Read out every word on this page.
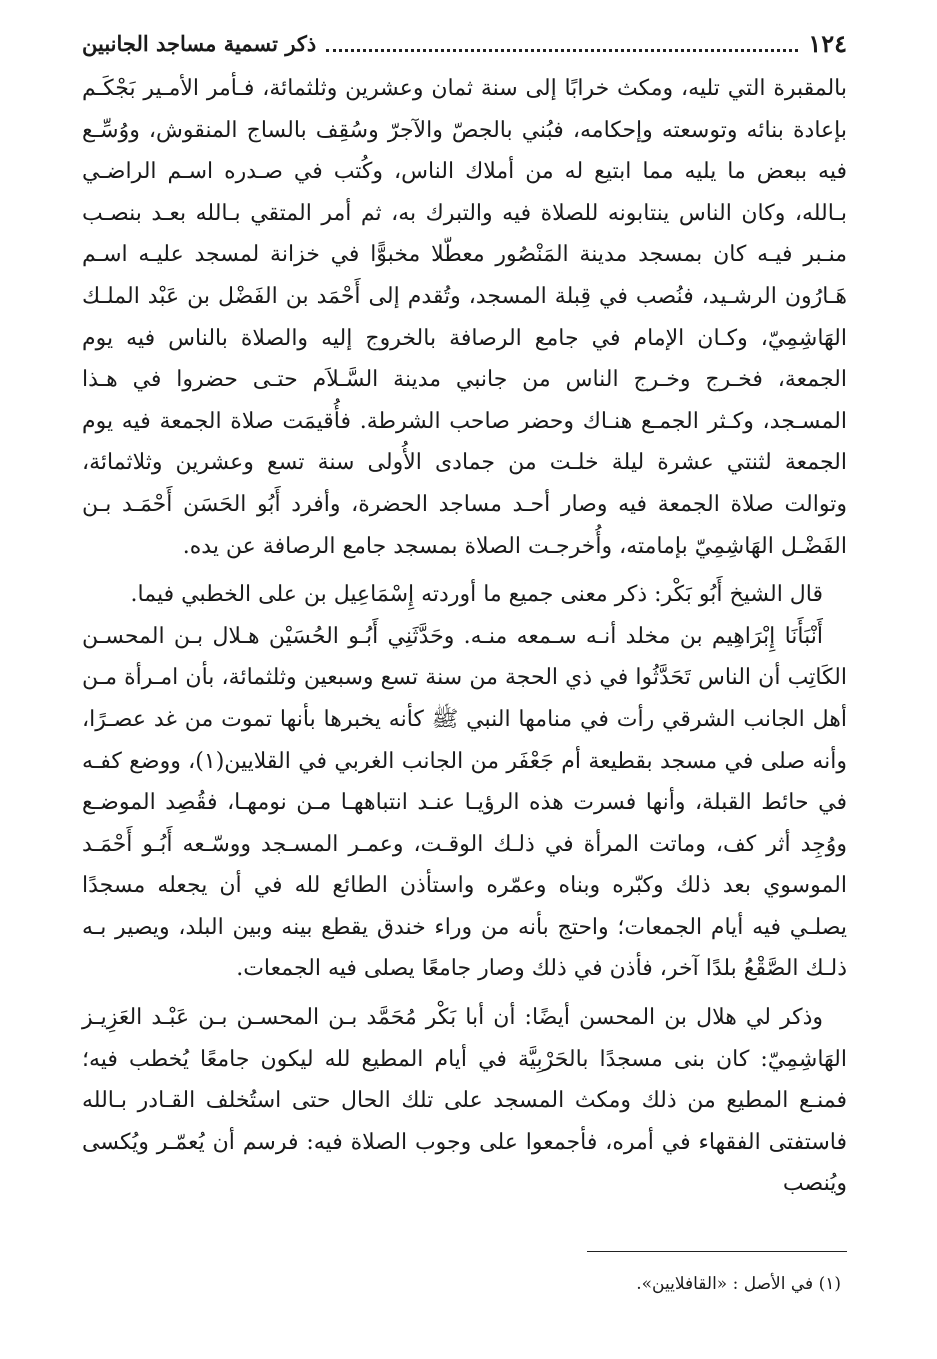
١٢٤
ذكر تسمية مساجد الجانبين

بالمقبرة التي تليه، ومكث خرابًا إلى سنة ثمان وعشرين وثلثمائة، فـأمر الأمـير بَجْكَـم بإعادة بنائه وتوسعته وإحكامه، فبُني بالجصّ والآجرّ وسُقِف بالساج المنقوش، ووُسِّـع فيه ببعض ما يليه مما ابتيع له من أملاك الناس، وكُتب في صـدره اسـم الراضـي بـالله، وكان الناس ينتابونه للصلاة فيه والتبرك به، ثم أمر المتقي بـالله بعـد بنصـب منـبر فيـه كان بمسجد مدينة المَنْصُور معطّلا مخبوًّا في خزانة لمسجد عليـه اسـم هَـارُون الرشـيد، فنُصب في قِبلة المسجد، وتُقدم إلى أَحْمَد بن الفَضْل بن عَبْد الملـك الهَاشِمِيّ، وكـان الإمام في جامع الرصافة بالخروج إليه والصلاة بالناس فيه يوم الجمعة، فخـرج وخـرج الناس من جانبي مدينة السَّـلاَم حتـى حضروا في هـذا المسـجد، وكـثر الجمـع هنـاك وحضر صاحب الشرطة. فأُقيمَت صلاة الجمعة فيه يوم الجمعة لثنتي عشرة ليلة خلـت من جمادى الأُولى سنة تسع وعشرين وثلاثمائة، وتوالت صلاة الجمعة فيه وصار أحـد مساجد الحضرة، وأفرد أَبُو الحَسَن أَحْمَـد بـن الفَضْـل الهَاشِمِيّ بإمامته، وأُخرجـت الصلاة بمسجد جامع الرصافة عن يده.

قال الشيخ أَبُو بَكْر: ذكر معنى جميع ما أوردته إِسْمَاعِيل بن على الخطبي فيما.

أَنْبَأَنَا إِبْرَاهِيم بن مخلد أنـه سـمعه منـه. وحَدَّثَنِي أَبُـو الحُسَيْن هـلال بـن المحسـن الكَاتِب أن الناس تَحَدَّثُوا في ذي الحجة من سنة تسع وسبعين وثلثمائة، بأن امـرأة مـن أهل الجانب الشرقي رأت في منامها النبي ﷺ كأنه يخبرها بأنها تموت من غد عصـرًا، وأنه صلى في مسجد بقطيعة أم جَعْفَر من الجانب الغربي في القلايين(١)، ووضع كفـه في حائط القبلة، وأنها فسرت هذه الرؤيـا عنـد انتباههـا مـن نومهـا، فقُصِد الموضـع ووُجِد أثر كف، وماتت المرأة في ذلـك الوقـت، وعمـر المسـجد ووسّـعه أَبُـو أَحْمَـد الموسوي بعد ذلك وكبّره وبناه وعمّره واستأذن الطائع لله في أن يجعله مسجدًا يصلـي فيه أيام الجمعات؛ واحتج بأنه من وراء خندق يقطع بينه وبين البلد، ويصير بـه ذلـك الصَّقْعُ بلدًا آخر، فأذن في ذلك وصار جامعًا يصلى فيه الجمعات.

وذكر لي هلال بن المحسن أيضًا: أن أبا بَكْر مُحَمَّد بـن المحسـن بـن عَبْـد العَزِيـز الهَاشِمِيّ: كان بنى مسجدًا بالحَرْبِيَّة في أيام المطيع لله ليكون جامعًا يُخطب فيه؛ فمنـع المطيع من ذلك ومكث المسجد على تلك الحال حتى استُخلف القـادر بـالله فاستفتى الفقهاء في أمره، فأجمعوا على وجوب الصلاة فيه: فرسم أن يُعمّـر ويُكسى ويُنصب

(١) في الأصل : «القافلايين».
